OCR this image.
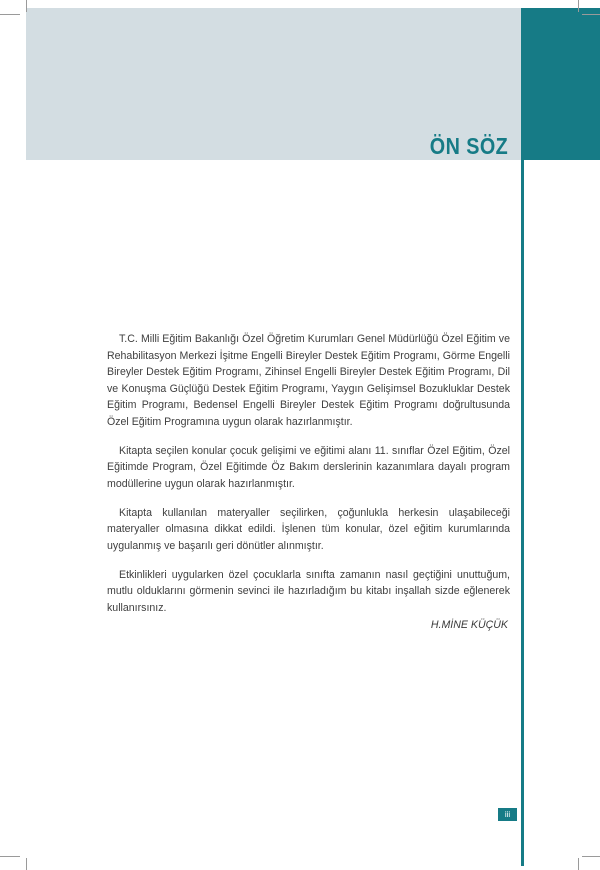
ÖN SÖZ

T.C. Milli Eğitim Bakanlığı Özel Öğretim Kurumları Genel Müdürlüğü Özel Eğitim ve Rehabilitasyon Merkezi İşitme Engelli Bireyler Destek Eğitim Programı, Görme Engelli Bireyler Destek Eğitim Programı, Zihinsel Engelli Bireyler Destek Eğitim Programı, Dil ve Konuşma Güçlüğü Destek Eğitim Programı, Yaygın Gelişimsel Bozukluklar Destek Eğitim Programı, Bedensel Engelli Bireyler Destek Eğitim Programı doğrultusunda Özel Eğitim Programına uygun olarak hazırlanmıştır.

Kitapta seçilen konular çocuk gelişimi ve eğitimi alanı 11. sınıflar Özel Eğitim, Özel Eğitimde Program, Özel Eğitimde Öz Bakım derslerinin kazanımlara dayalı program modüllerine uygun olarak hazırlanmıştır.

Kitapta kullanılan materyaller seçilirken, çoğunlukla herkesin ulaşabileceği materyaller olmasına dikkat edildi. İşlenen tüm konular, özel eğitim kurumlarında uygulanmış ve başarılı geri dönütler alınmıştır.

Etkinlikleri uygularken özel çocuklarla sınıfta zamanın nasıl geçtiğini unuttuğum, mutlu olduklarını görmenin sevinci ile hazırladığım bu kitabı inşallah sizde eğlenerek kullanırsınız.

H.MİNE KÜÇÜK
iii
